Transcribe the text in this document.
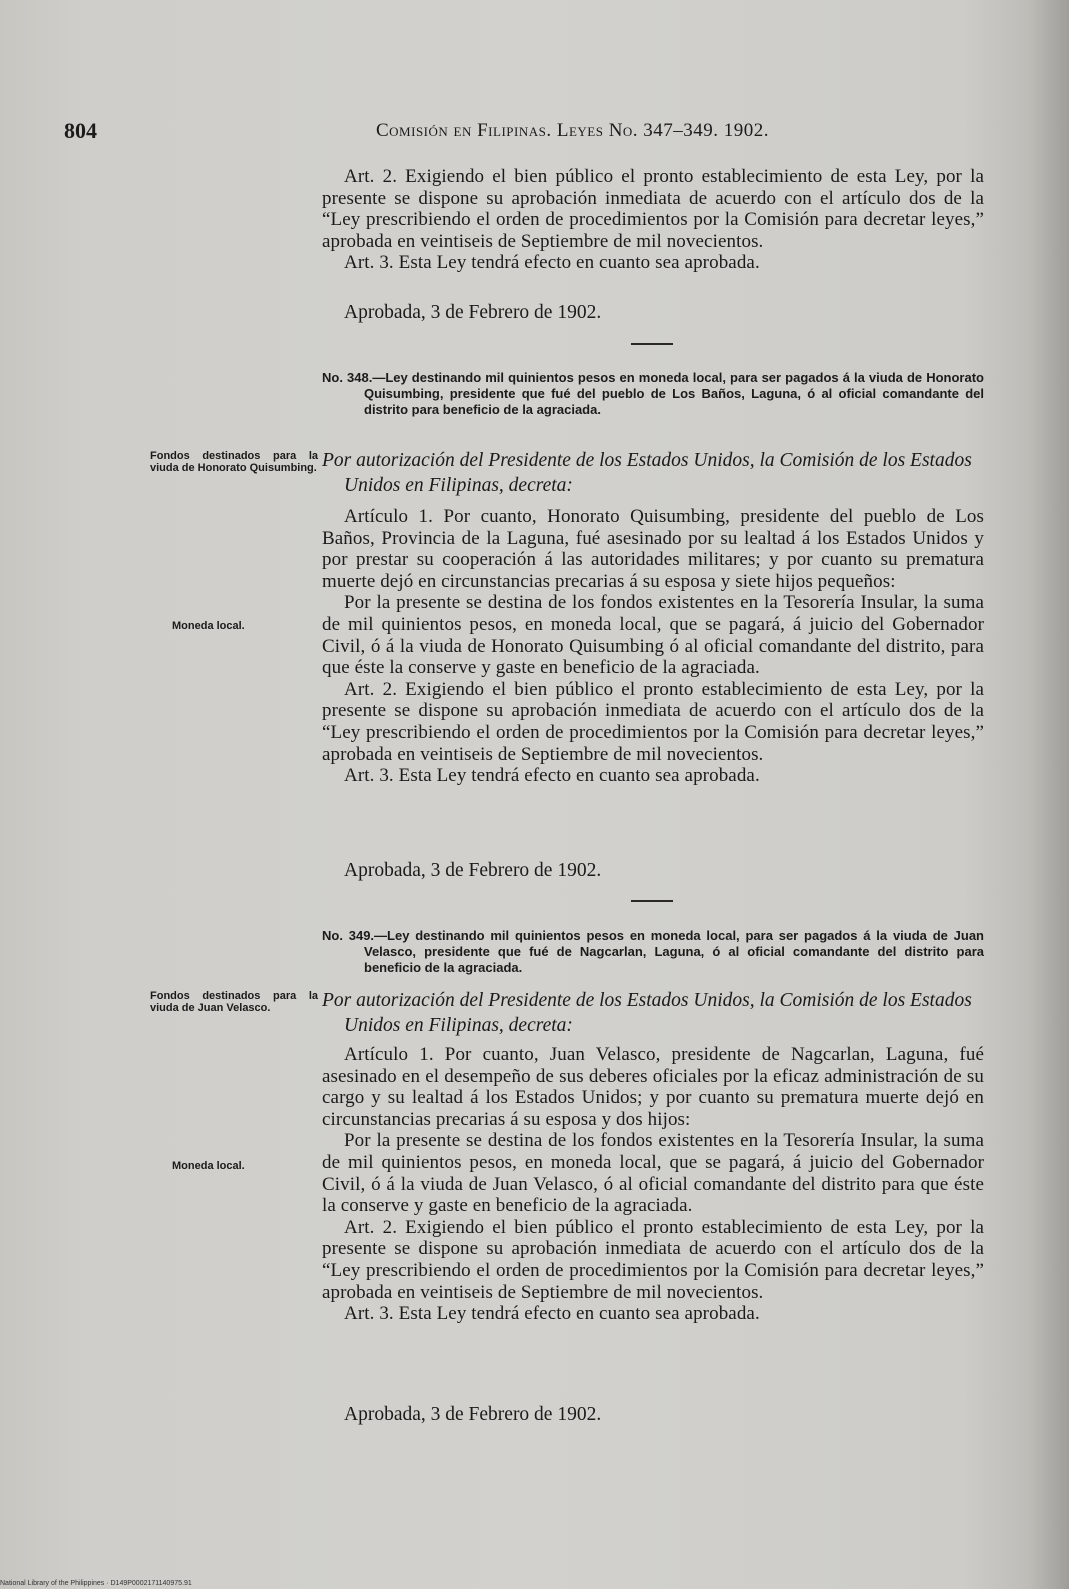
804	Comisión en Filipinas. Leyes No. 347–349. 1902.

Art. 2. Exigiendo el bien público el pronto establecimiento de esta Ley, por la presente se dispone su aprobación inmediata de acuerdo con el artículo dos de la “Ley prescribiendo el orden de procedimientos por la Comisión para decretar leyes,” aprobada en veintiseis de Septiembre de mil novecientos.

Art. 3. Esta Ley tendrá efecto en cuanto sea aprobada.

Aprobada, 3 de Febrero de 1902.
No. 348.—Ley destinando mil quinientos pesos en moneda local, para ser pagados á la viuda de Honorato Quisumbing, presidente que fué del pueblo de Los Baños, Laguna, ó al oficial comandante del distrito para beneficio de la agraciada.
Fondos destinados para la viuda de Honorato Quisumbing. Por autorización del Presidente de los Estados Unidos, la Comisión de los Estados Unidos en Filipinas, decreta:

Artículo 1. Por cuanto, Honorato Quisumbing, presidente del pueblo de Los Baños, Provincia de la Laguna, fué asesinado por su lealtad á los Estados Unidos y por prestar su cooperación á las autoridades militares; y por cuanto su prematura muerte dejó en circunstancias precarias á su esposa y siete hijos pequeños:

Por la presente se destina de los fondos existentes en la Tesorería Insular, la suma de mil quinientos pesos, en moneda local, que se pagará, á juicio del Gobernador Civil, ó á la viuda de Honorato Quisumbing ó al oficial comandante del distrito, para que éste la conserve y gaste en beneficio de la agraciada.

Art. 2. Exigiendo el bien público el pronto establecimiento de esta Ley, por la presente se dispone su aprobación inmediata de acuerdo con el artículo dos de la “Ley prescribiendo el orden de procedimientos por la Comisión para decretar leyes,” aprobada en veintiseis de Septiembre de mil novecientos.

Art. 3. Esta Ley tendrá efecto en cuanto sea aprobada.

Moneda local.
Aprobada, 3 de Febrero de 1902.
No. 349.—Ley destinando mil quinientos pesos en moneda local, para ser pagados á la viuda de Juan Velasco, presidente que fué de Nagcarlan, Laguna, ó al oficial comandante del distrito para beneficio de la agraciada.
Fondos destinados para la viuda de Juan Velasco.	Por autorización del Presidente de los Estados Unidos, la Comisión de los Estados Unidos en Filipinas, decreta:

Artículo 1. Por cuanto, Juan Velasco, presidente de Nagcarlan, Laguna, fué asesinado en el desempeño de sus deberes oficiales por la eficaz administración de su cargo y su lealtad á los Estados Unidos; y por cuanto su prematura muerte dejó en circunstancias precarias á su esposa y dos hijos:

Por la presente se destina de los fondos existentes en la Tesorería Insular, la suma de mil quinientos pesos, en moneda local, que se pagará, á juicio del Gobernador Civil, ó á la viuda de Juan Velasco, ó al oficial comandante del distrito para que éste la conserve y gaste en beneficio de la agraciada.

Art. 2. Exigiendo el bien público el pronto establecimiento de esta Ley, por la presente se dispone su aprobación inmediata de acuerdo con el artículo dos de la “Ley prescribiendo el orden de procedimientos por la Comisión para decretar leyes,” aprobada en veintiseis de Septiembre de mil novecientos.

Art. 3. Esta Ley tendrá efecto en cuanto sea aprobada.

Moneda local.
Aprobada, 3 de Febrero de 1902.
National Library of the Philippines · D149P0002171140975.91
